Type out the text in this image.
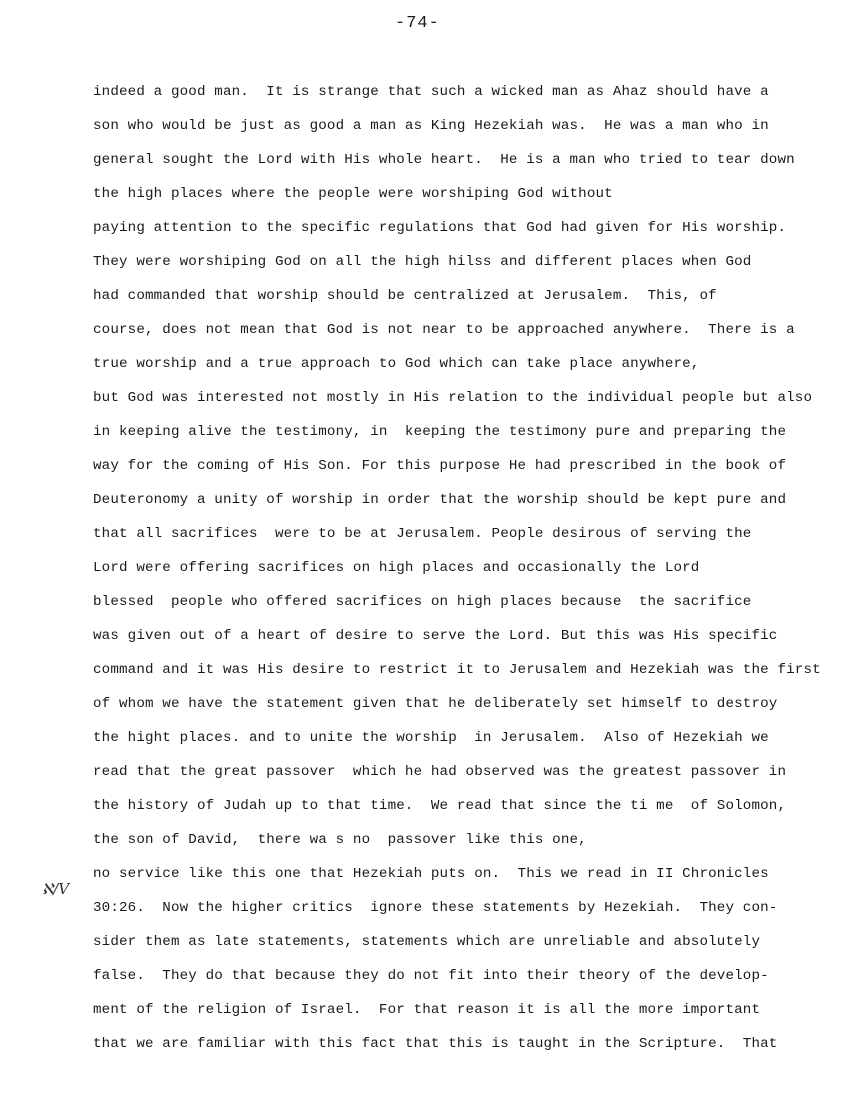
-74-
ℵ/V
indeed a good man.  It is strange that such a wicked man as Ahaz should have a
son who would be just as good a man as King Hezekiah was.  He was a man who in
general sought the Lord with His whole heart.  He is a man who tried to tear down
the high places where the people were worshiping God without
paying attention to the specific regulations that God had given for His worship.
They were worshiping God on all the high hilss and different places when God
had commanded that worship should be centralized at Jerusalem.  This, of
course, does not mean that God is not near to be approached anywhere.  There is a
true worship and a true approach to God which can take place anywhere,
but God was interested not mostly in His relation to the individual people but also
in keeping alive the testimony, in  keeping the testimony pure and preparing the
way for the coming of His Son. For this purpose He had prescribed in the book of
Deuteronomy a unity of worship in order that the worship should be kept pure and
that all sacrifices  were to be at Jerusalem. People desirous of serving the
Lord were offering sacrifices on high places and occasionally the Lord
blessed  people who offered sacrifices on high places because  the sacrifice
was given out of a heart of desire to serve the Lord. But this was His specific
command and it was His desire to restrict it to Jerusalem and Hezekiah was the first
of whom we have the statement given that he deliberately set himself to destroy
the hight places. and to unite the worship  in Jerusalem.  Also of Hezekiah we
read that the great passover  which he had observed was the greatest passover in
the history of Judah up to that time.  We read that since the ti me  of Solomon,
the son of David,  there wa s no  passover like this one,
no service like this one that Hezekiah puts on.  This we read in II Chronicles
30:26.  Now the higher critics  ignore these statements by Hezekiah.  They con-
sider them as late statements, statements which are unreliable and absolutely
false.  They do that because they do not fit into their theory of the develop-
ment of the religion of Israel.  For that reason it is all the more important
that we are familiar with this fact that this is taught in the Scripture.  That
